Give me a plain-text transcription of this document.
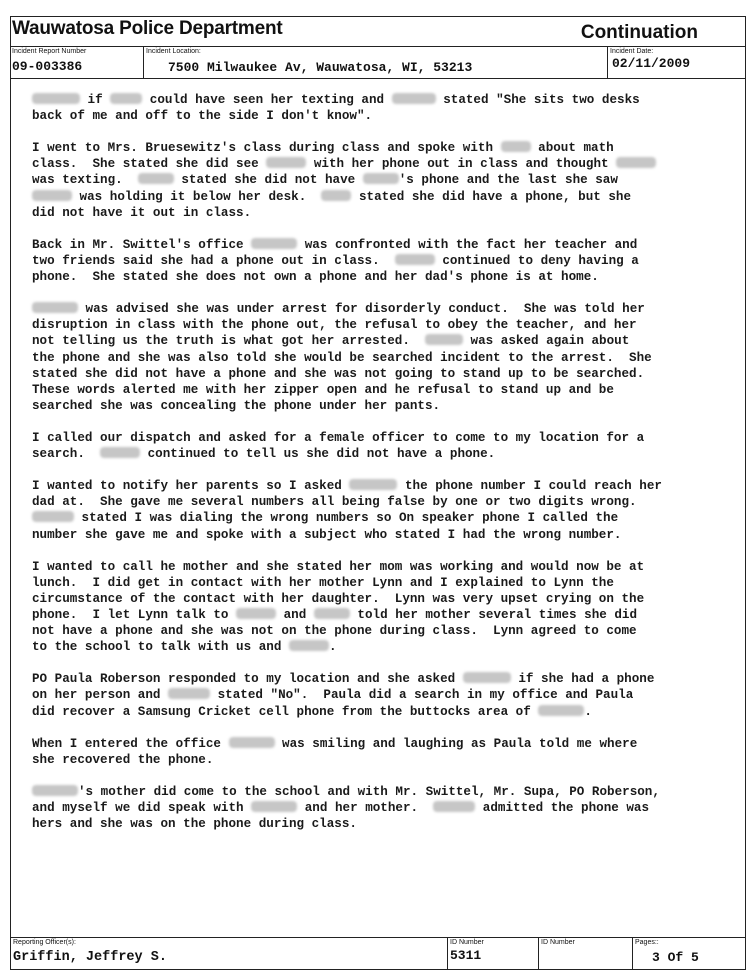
Wauwatosa Police Department	Continuation
Incident Report Number
09-003386
Incident Location:
7500 Milwaukee Av, Wauwatosa, WI, 53213
Incident Date:
02/11/2009
if	could have seen her texting and	stated "She sits two desks
back of me and off to the side I don't know".

I went to Mrs. Bruesewitz's class during class and spoke with  about math
class.  She stated she did see	with her phone out in class and thought
was texting.	stated she did not have	's phone and the last she saw
was holding it below her desk.   stated she did have a phone, but she
did not have it out in class.

Back in Mr. Swittel's office	was confronted with the fact her teacher and
two friends said she had a phone out in class.	continued to deny having a
phone.  She stated she does not own a phone and her dad's phone is at home.

was advised she was under arrest for disorderly conduct.  She was told her
disruption in class with the phone out, the refusal to obey the teacher, and her
not telling us the truth is what got her arrested.	was asked again about
the phone and she was also told she would be searched incident to the arrest.  She
stated she did not have a phone and she was not going to stand up to be searched.
These words alerted me with her zipper open and he refusal to stand up and be
searched she was concealing the phone under her pants.

I called our dispatch and asked for a female officer to come to my location for a
search.	continued to tell us she did not have a phone.

I wanted to notify her parents so I asked	the phone number I could reach her
dad at.  She gave me several numbers all being false by one or two digits wrong.
stated I was dialing the wrong numbers so On speaker phone I called the
number she gave me and spoke with a subject who stated I had the wrong number.

I wanted to call he mother and she stated her mom was working and would now be at
lunch.  I did get in contact with her mother Lynn and I explained to Lynn the
circumstance of the contact with her daughter.  Lynn was very upset crying on the
phone.  I let Lynn talk to	and	told her mother several times she did
not have a phone and she was not on the phone during class.  Lynn agreed to come
to the school to talk with us and	.

PO Paula Roberson responded to my location and she asked	if she had a phone
on her person and	stated "No".  Paula did a search in my office and Paula
did recover a Samsung Cricket cell phone from the buttocks area of	.

When I entered the office	was smiling and laughing as Paula told me where
she recovered the phone.

's mother did come to the school and with Mr. Swittel, Mr. Supa, PO Roberson,
and myself we did speak with	and her mother.	admitted the phone was
hers and she was on the phone during class.
Reporting Officer(s):
Griffin, Jeffrey S.
ID Number
5311
ID Number	Pages::
3 Of 5
